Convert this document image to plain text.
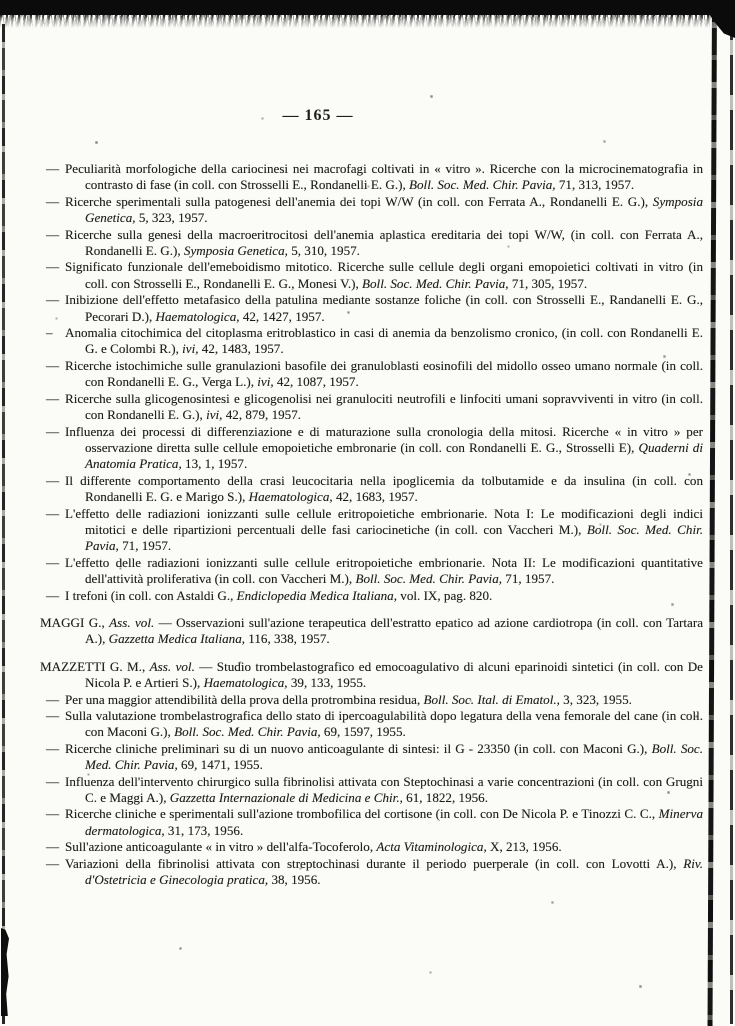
— 165 —
— Peculiarità morfologiche della cariocinesi nei macrofagi coltivati in « vitro ». Ricerche con la microcinematografia in contrasto di fase (in coll. con Strosselli E., Rondanelli E. G.), Boll. Soc. Med. Chir. Pavia, 71, 313, 1957.
— Ricerche sperimentali sulla patogenesi dell'anemia dei topi W/W (in coll. con Ferrata A., Rondanelli E. G.), Symposia Genetica, 5, 323, 1957.
— Ricerche sulla genesi della macroeritrocitosi dell'anemia aplastica ereditaria dei topi W/W, (in coll. con Ferrata A., Rondanelli E. G.), Symposia Genetica, 5, 310, 1957.
— Significato funzionale dell'emeboidismo mitotico. Ricerche sulle cellule degli organi emopoietici coltivati in vitro (in coll. con Strosselli E., Rondanelli E. G., Monesi V.), Boll. Soc. Med. Chir. Pavia, 71, 305, 1957.
— Inibizione dell'effetto metafasico della patulina mediante sostanze foliche (in coll. con Strosselli E., Randanelli E. G., Pecorari D.), Haematologica, 42, 1427, 1957.
– Anomalia citochimica del citoplasma eritroblastico in casi di anemia da benzolismo cronico, (in coll. con Rondanelli E. G. e Colombi R.), ivi, 42, 1483, 1957.
— Ricerche istochimiche sulle granulazioni basofile dei granuloblasti eosinofili del midollo osseo umano normale (in coll. con Rondanelli E. G., Verga L.), ivi, 42, 1087, 1957.
— Ricerche sulla glicogenosintesi e glicogenolisi nei granulociti neutrofili e linfociti umani sopravviventi in vitro (in coll. con Rondanelli E. G.), ivi, 42, 879, 1957.
— Influenza dei processi di differenziazione e di maturazione sulla cronologia della mitosi. Ricerche « in vitro » per osservazione diretta sulle cellule emopoietiche embronarie (in coll. con Rondanelli E. G., Strosselli E), Quaderni di Anatomia Pratica, 13, 1, 1957.
— Il differente comportamento della crasi leucocitaria nella ipoglicemia da tolbutamide e da insulina (in coll. con Rondanelli E. G. e Marigo S.), Haematologica, 42, 1683, 1957.
— L'effetto delle radiazioni ionizzanti sulle cellule eritropoietiche embrionarie. Nota I: Le modificazioni degli indici mitotici e delle ripartizioni percentuali delle fasi cariocinetiche (in coll. con Vaccheri M.), Boll. Soc. Med. Chir. Pavia, 71, 1957.
— L'effetto delle radiazioni ionizzanti sulle cellule eritropoietiche embrionarie. Nota II: Le modificazioni quantitative dell'attività proliferativa (in coll. con Vaccheri M.), Boll. Soc. Med. Chir. Pavia, 71, 1957.
— I trefoni (in coll. con Astaldi G., Endiclopedia Medica Italiana, vol. IX, pag. 820.
MAGGI G., Ass. vol. — Osservazioni sull'azione terapeutica dell'estratto epatico ad azione cardiotropa (in coll. con Tartara A.), Gazzetta Medica Italiana, 116, 338, 1957.
MAZZETTI G. M., Ass. vol. — Studio trombelastografico ed emocoagulativo di alcuni eparinoidi sintetici (in coll. con De Nicola P. e Artieri S.), Haematologica, 39, 133, 1955.
— Per una maggior attendibilità della prova della protrombina residua, Boll. Soc. Ital. di Ematol., 3, 323, 1955.
— Sulla valutazione trombelastrografica dello stato di ipercoagulabilità dopo legatura della vena femorale del cane (in coll. con Maconi G.), Boll. Soc. Med. Chir. Pavia, 69, 1597, 1955.
— Ricerche cliniche preliminari su di un nuovo anticoagulante di sintesi: il G - 23350 (in coll. con Maconi G.), Boll. Soc. Med. Chir. Pavia, 69, 1471, 1955.
— Influenza dell'intervento chirurgico sulla fibrinolisi attivata con Steptochinasi a varie concentrazioni (in coll. con Grugni C. e Maggi A.), Gazzetta Internazionale di Medicina e Chir., 61, 1822, 1956.
— Ricerche cliniche e sperimentali sull'azione trombofilica del cortisone (in coll. con De Nicola P. e Tinozzi C. C., Minerva dermatologica, 31, 173, 1956.
— Sull'azione anticoagulante « in vitro » dell'alfa-Tocoferolo, Acta Vitaminologica, X, 213, 1956.
— Variazioni della fibrinolisi attivata con streptochinasi durante il periodo puerperale (in coll. con Lovotti A.), Riv. d'Ostetricia e Ginecologia pratica, 38, 1956.
